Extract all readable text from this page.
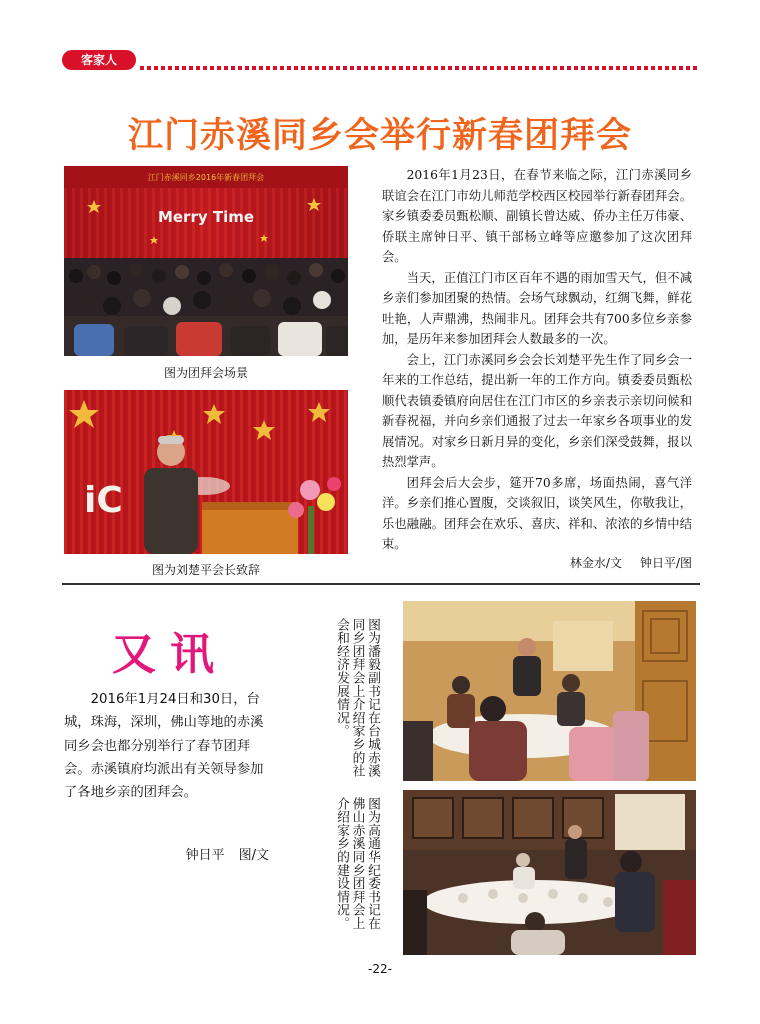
客家人
江门赤溪同乡会举行新春团拜会
江门赤溪同乡2016年新春团拜会
Merry Time
图为团拜会场景
iC
图为刘楚平会长致辞

2016年1月23日，在春节来临之际，江门赤溪同乡联谊会在江门市幼儿师范学校西区校园举行新春团拜会。家乡镇委委员甄松顺、副镇长曾达威、侨办主任万伟豪、侨联主席钟日平、镇干部杨立峰等应邀参加了这次团拜会。

当天，正值江门市区百年不遇的雨加雪天气，但不减乡亲们参加团聚的热情。会场气球飘动，红绸飞舞，鲜花吐艳，人声鼎沸，热闹非凡。团拜会共有700多位乡亲参加，是历年来参加团拜会人数最多的一次。

会上，江门赤溪同乡会会长刘楚平先生作了同乡会一年来的工作总结，提出新一年的工作方向。镇委委员甄松顺代表镇委镇府向居住在江门市区的乡亲表示亲切问候和新春祝福，并向乡亲们通报了过去一年家乡各项事业的发展情况。对家乡日新月异的变化，乡亲们深受鼓舞，报以热烈掌声。

团拜会后大会步，筵开70多席，场面热闹，喜气洋洋。乡亲们推心置腹，交谈叙旧，谈笑风生，你敬我让，乐也融融。团拜会在欢乐、喜庆、祥和、浓浓的乡情中结束。

林金水/文 钟日平/图
又讯

2016年1月24日和30日，台城，珠海，深圳，佛山等地的赤溪同乡会也都分别举行了春节团拜会。赤溪镇府均派出有关领导参加了各地乡亲的团拜会。

钟日平 图/文
图为潘毅副书记在台城赤溪同乡团拜会上介绍家乡的社会和经济发展情况。
图为高通华纪委书记在佛山赤溪同乡团拜会上介绍家乡的建设情况。
-22-
